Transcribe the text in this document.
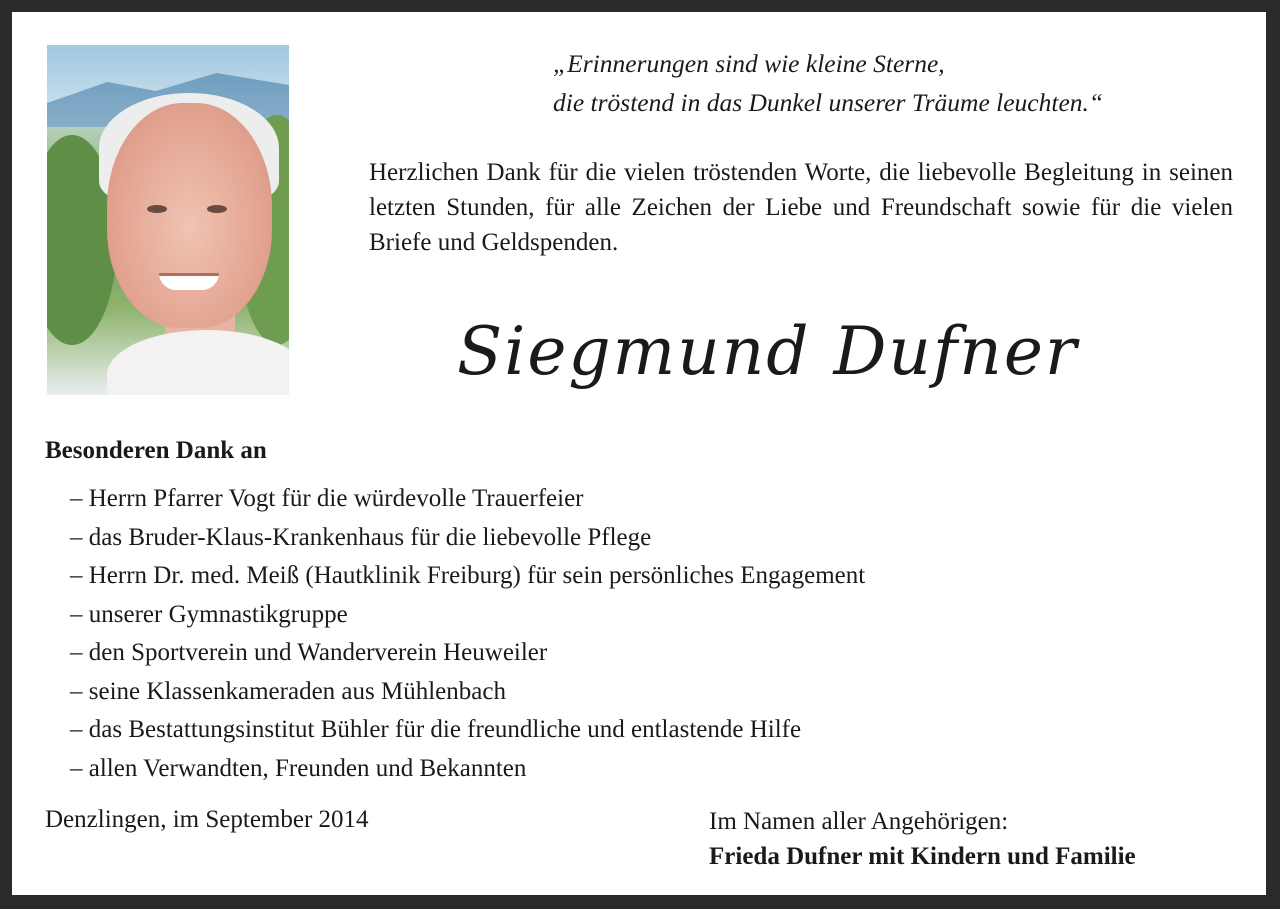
„Erinnerungen sind wie kleine Sterne,
die tröstend in das Dunkel unserer Träume leuchten.“
Herzlichen Dank für die vielen tröstenden Worte, die liebevolle Begleitung in seinen letzten Stunden, für alle Zeichen der Liebe und Freundschaft sowie für die vielen Briefe und Geldspenden.
Siegmund Dufner
Besonderen Dank an
– Herrn Pfarrer Vogt für die würdevolle Trauerfeier
– das Bruder-Klaus-Krankenhaus für die liebevolle Pflege
– Herrn Dr. med. Meiß (Hautklinik Freiburg) für sein persönliches Engagement
– unserer Gymnastikgruppe
– den Sportverein und Wanderverein Heuweiler
– seine Klassenkameraden aus Mühlenbach
– das Bestattungsinstitut Bühler für die freundliche und entlastende Hilfe
– allen Verwandten, Freunden und Bekannten
Denzlingen, im September 2014	Im Namen aller Angehörigen:
Frieda Dufner mit Kindern und Familie
